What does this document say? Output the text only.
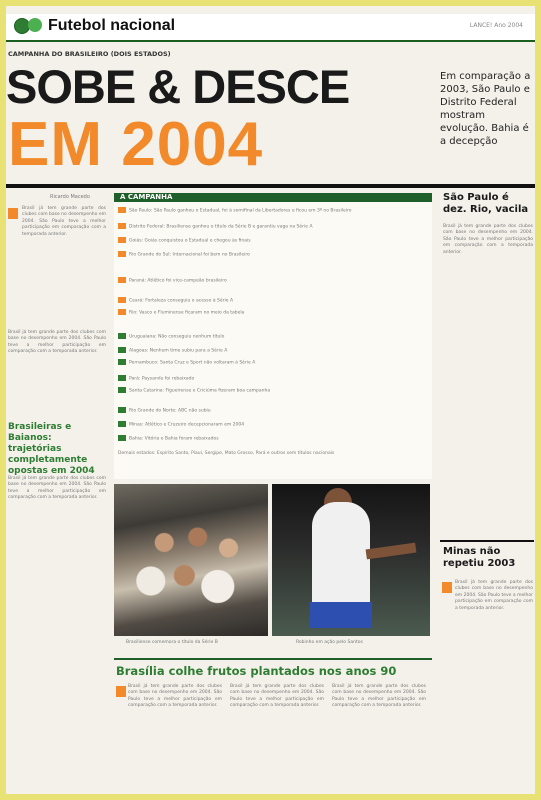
Futebol nacional	LANCE! Ano 2004
CAMPANHA DO BRASILEIRO (DOIS ESTADOS)
SOBE & DESCE
EM 2004
Em comparação a 2003, São Paulo e Distrito Federal mostram evolução. Bahia é a decepção
Ricardo Macedo
Brasil já tem grande parte dos clubes com base no desempenho em 2004. São Paulo teve a melhor participação em comparação com a temporada anterior.
Brasil já tem grande parte dos clubes com base no desempenho em 2004. São Paulo teve a melhor participação em comparação com a temporada anterior.
Brasileiras e Baianos: trajetórias completamente opostas em 2004
Brasil já tem grande parte dos clubes com base no desempenho em 2004. São Paulo teve a melhor participação em comparação com a temporada anterior.
A CAMPANHA
São Paulo: São Paulo ganhou o Estadual, foi à semifinal da Libertadores e ficou em 3º no Brasileiro
Distrito Federal: Brasiliense ganhou o título da Série B e garantiu vaga na Série A
Goiás: Goiás conquistou o Estadual e chegou às finais
Rio Grande do Sul: Internacional foi bem no Brasileiro
Paraná: Atlético foi vice-campeão brasileiro
Ceará: Fortaleza conseguiu o acesso à Série A
Rio: Vasco e Fluminense ficaram no meio da tabela
Uruguaiana: Não conseguiu nenhum título
Alagoas: Nenhum time subiu para a Série A
Pernambuco: Santa Cruz e Sport não voltaram à Série A
Pará: Paysandu foi rebaixado
Santa Catarina: Figueirense e Criciúma fizeram boa campanha
Rio Grande do Norte: ABC não subiu
Minas: Atlético e Cruzeiro decepcionaram em 2004
Bahia: Vitória e Bahia foram rebaixados
Demais estados: Espírito Santo, Piauí, Sergipe, Mato Grosso, Pará e outros sem títulos nacionais
Brasiliense comemora o título da Série B	Robinho em ação pelo Santos
Brasília colhe frutos plantados nos anos 90
Brasil já tem grande parte dos clubes com base no desempenho em 2004. São Paulo teve a melhor participação em comparação com a temporada anterior.
Brasil já tem grande parte dos clubes com base no desempenho em 2004. São Paulo teve a melhor participação em comparação com a temporada anterior.
Brasil já tem grande parte dos clubes com base no desempenho em 2004. São Paulo teve a melhor participação em comparação com a temporada anterior.
São Paulo é dez. Rio, vacila
Brasil já tem grande parte dos clubes com base no desempenho em 2004. São Paulo teve a melhor participação em comparação com a temporada anterior.
Minas não repetiu 2003
Brasil já tem grande parte dos clubes com base no desempenho em 2004. São Paulo teve a melhor participação em comparação com a temporada anterior.
